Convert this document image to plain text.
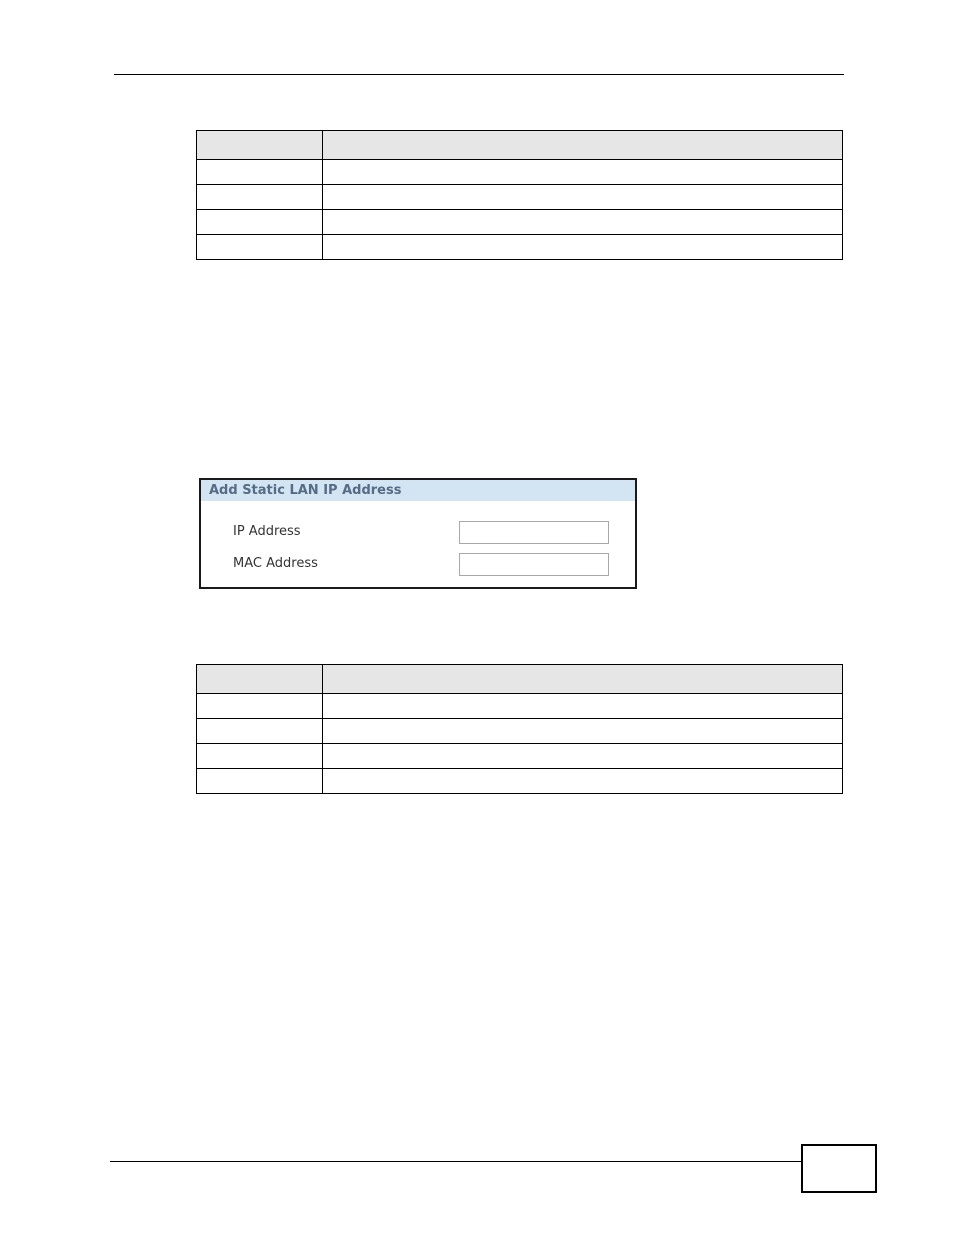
Add Static LAN IP Address
IP Address
MAC Address
